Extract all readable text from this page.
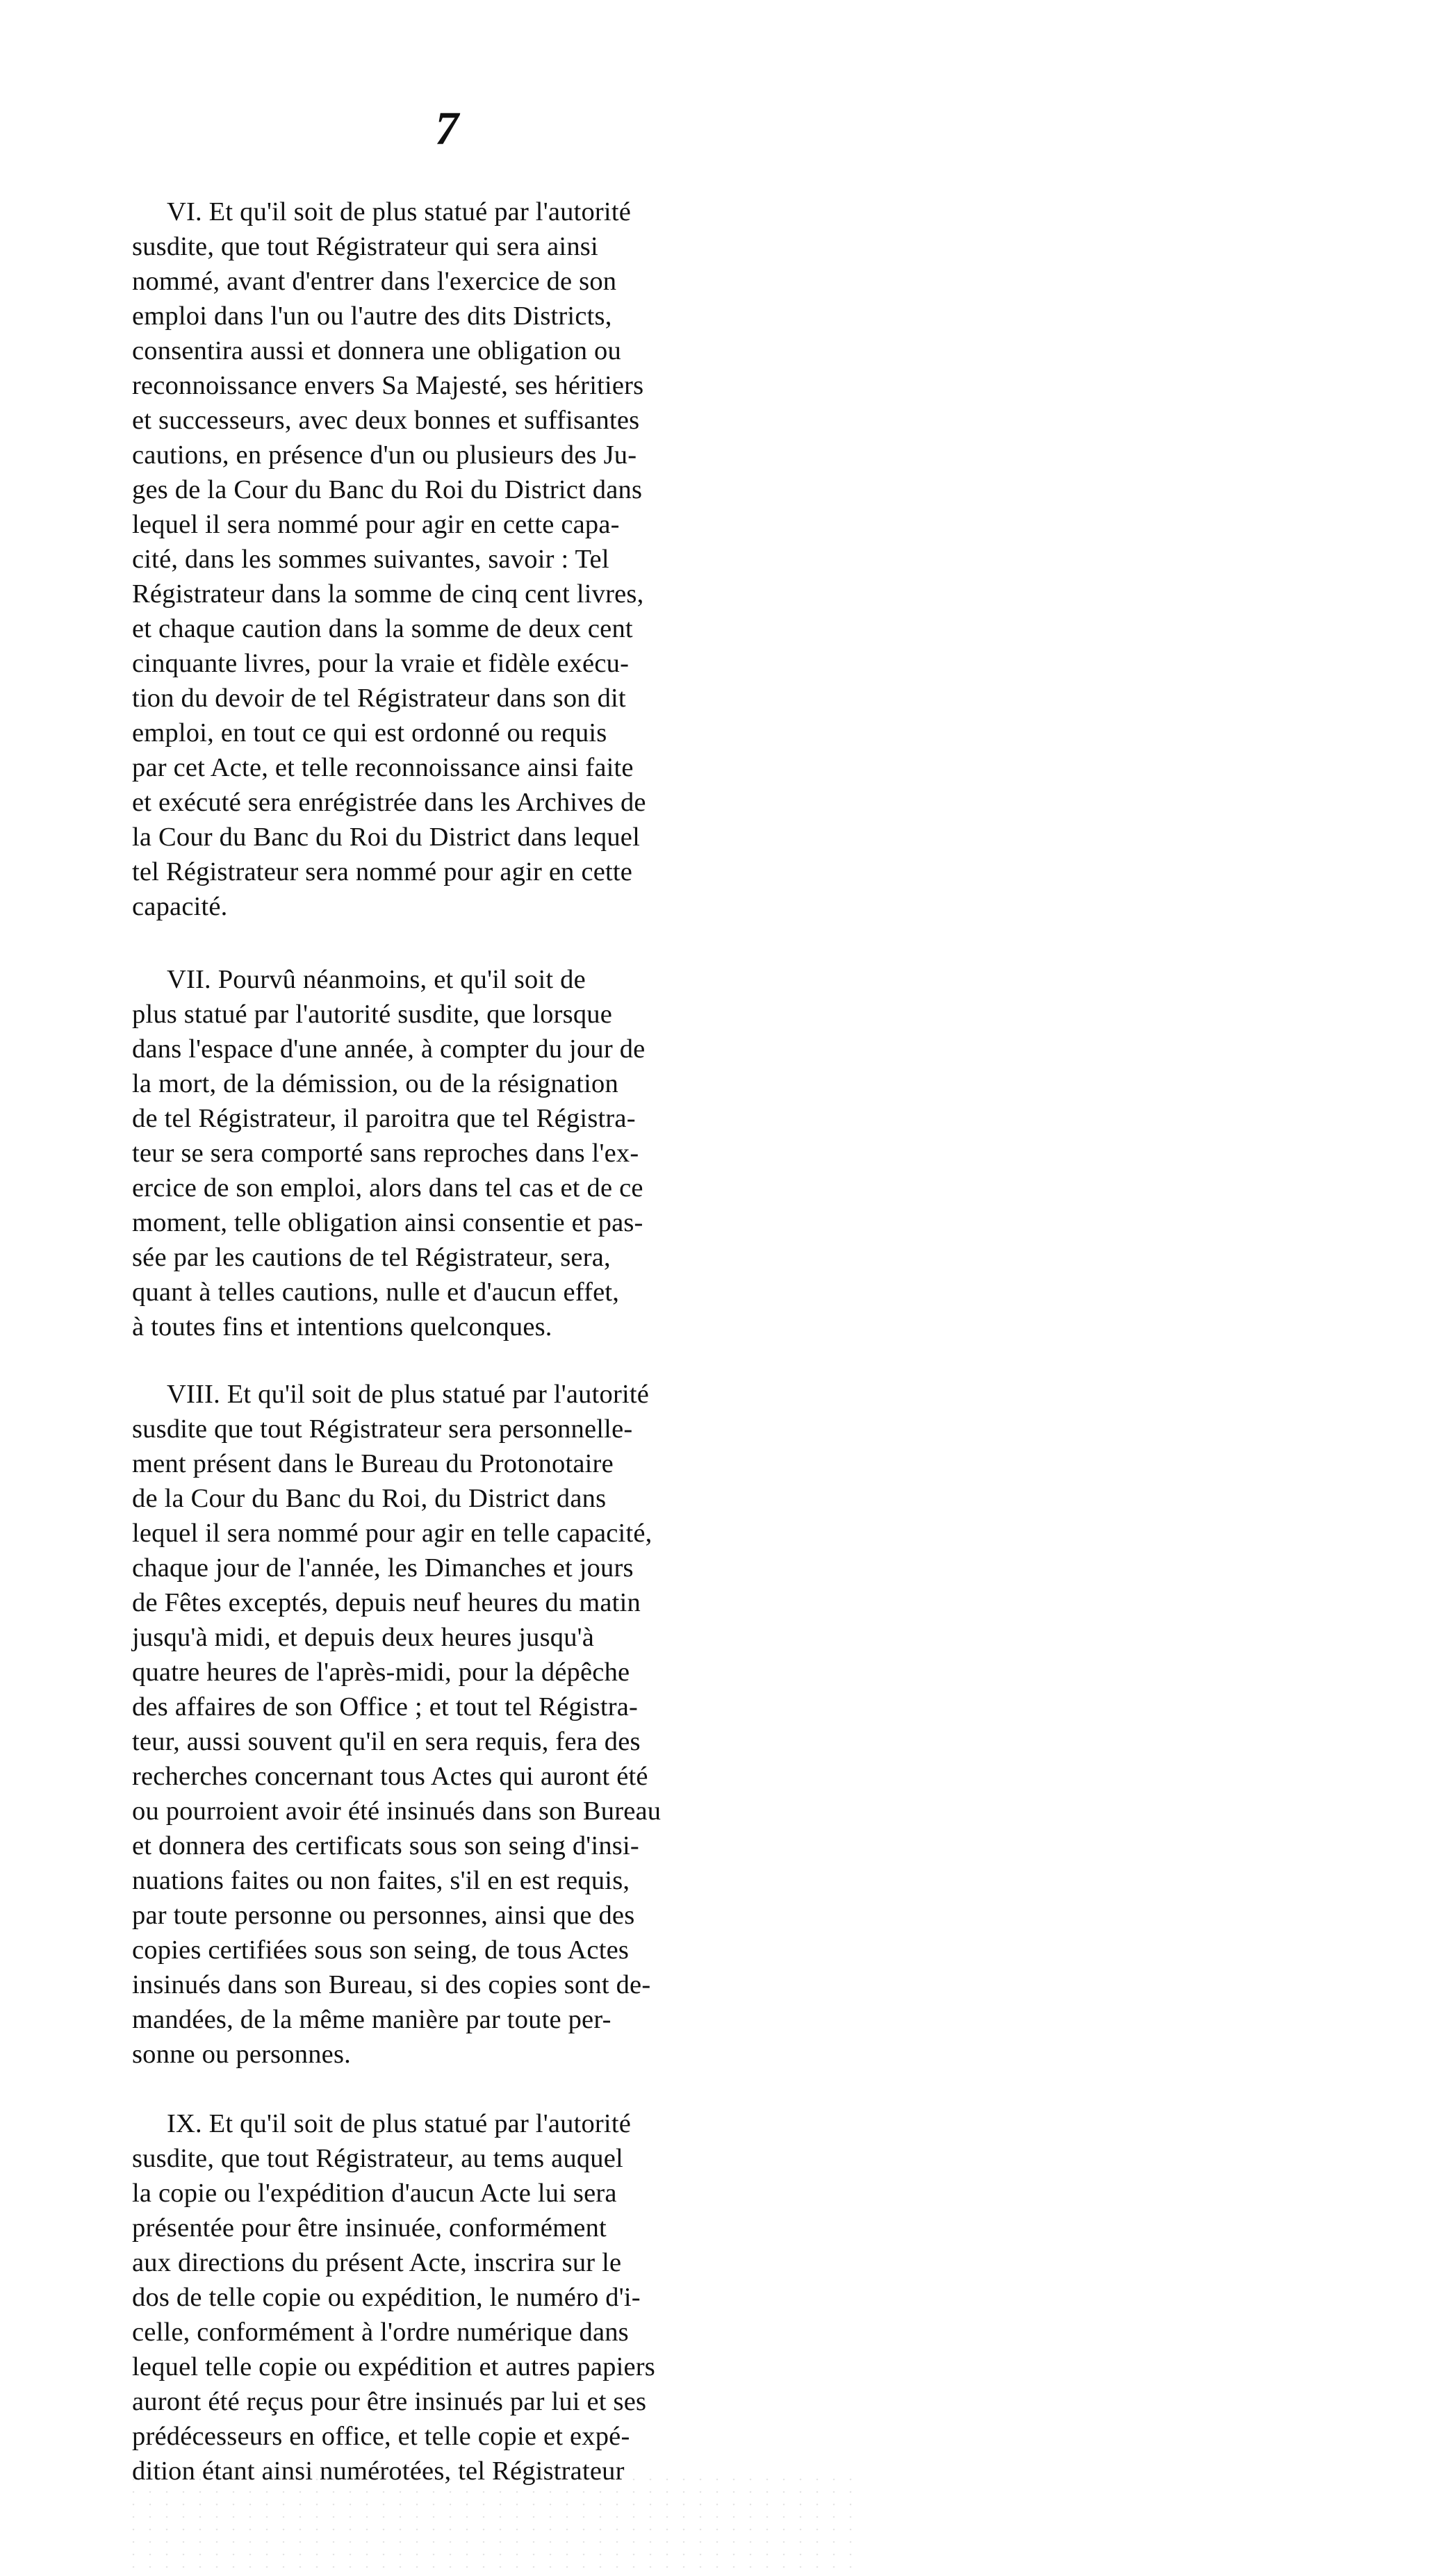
7
VI. Et qu'il soit de plus statué par l'autorité
susdite, que tout Régistrateur qui sera ainsi
nommé, avant d'entrer dans l'exercice de son
emploi dans l'un ou l'autre des dits Districts,
consentira aussi et donnera une obligation ou
reconnoissance envers Sa Majesté, ses héritiers
et successeurs, avec deux bonnes et suffisantes
cautions, en présence d'un ou plusieurs des Ju-
ges de la Cour du Banc du Roi du District dans
lequel il sera nommé pour agir en cette capa-
cité, dans les sommes suivantes, savoir : Tel
Régistrateur dans la somme de cinq cent livres,
et chaque caution dans la somme de deux cent
cinquante livres, pour la vraie et fidèle exécu-
tion du devoir de tel Régistrateur dans son dit
emploi, en tout ce qui est ordonné ou requis
par cet Acte, et telle reconnoissance ainsi faite
et exécuté sera enrégistrée dans les Archives de
la Cour du Banc du Roi du District dans lequel
tel Régistrateur sera nommé pour agir en cette
capacité.
VII. Pourvû néanmoins, et qu'il soit de
plus statué par l'autorité susdite, que lorsque
dans l'espace d'une année, à compter du jour de
la mort, de la démission, ou de la résignation
de tel Régistrateur, il paroitra que tel Régistra-
teur se sera comporté sans reproches dans l'ex-
ercice de son emploi, alors dans tel cas et de ce
moment, telle obligation ainsi consentie et pas-
sée par les cautions de tel Régistrateur, sera,
quant à telles cautions, nulle et d'aucun effet,
à toutes fins et intentions quelconques.
VIII. Et qu'il soit de plus statué par l'autorité
susdite que tout Régistrateur sera personnelle-
ment présent dans le Bureau du Protonotaire
de la Cour du Banc du Roi, du District dans
lequel il sera nommé pour agir en telle capacité,
chaque jour de l'année, les Dimanches et jours
de Fêtes exceptés, depuis neuf heures du matin
jusqu'à midi, et depuis deux heures jusqu'à
quatre heures de l'après-midi, pour la dépêche
des affaires de son Office ; et tout tel Régistra-
teur, aussi souvent qu'il en sera requis, fera des
recherches concernant tous Actes qui auront été
ou pourroient avoir été insinués dans son Bureau
et donnera des certificats sous son seing d'insi-
nuations faites ou non faites, s'il en est requis,
par toute personne ou personnes, ainsi que des
copies certifiées sous son seing, de tous Actes
insinués dans son Bureau, si des copies sont de-
mandées, de la même manière par toute per-
sonne ou personnes.
IX. Et qu'il soit de plus statué par l'autorité
susdite, que tout Régistrateur, au tems auquel
la copie ou l'expédition d'aucun Acte lui sera
présentée pour être insinuée, conformément
aux directions du présent Acte, inscrira sur le
dos de telle copie ou expédition, le numéro d'i-
celle, conformément à l'ordre numérique dans
lequel telle copie ou expédition et autres papiers
auront été reçus pour être insinués par lui et ses
prédécesseurs en office, et telle copie et expé-
dition étant ainsi numérotées, tel Régistrateur
